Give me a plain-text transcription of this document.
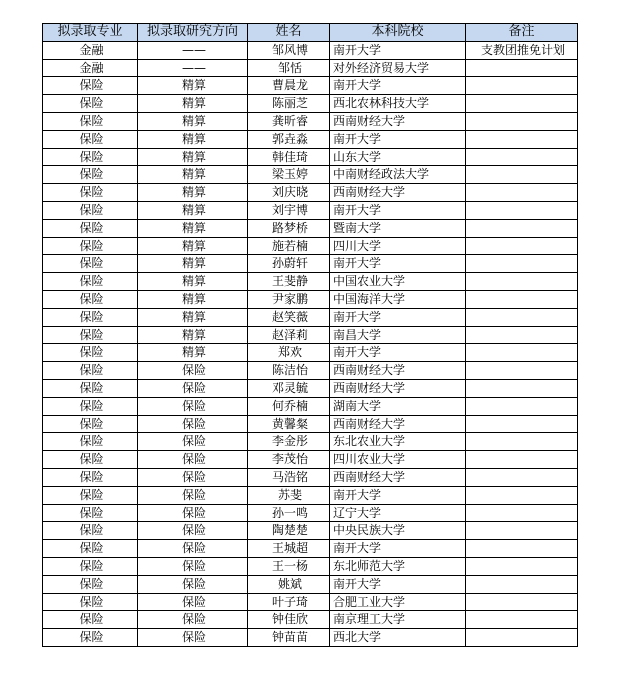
拟录取专业	拟录取研究方向	姓名	本科院校	备注
金融	——	邹风博	南开大学	支教团推免计划
金融	——	邹恬	对外经济贸易大学	
保险	精算	曹晨龙	南开大学	
保险	精算	陈丽芝	西北农林科技大学	
保险	精算	龚昕睿	西南财经大学	
保险	精算	郭垚淼	南开大学	
保险	精算	韩佳琦	山东大学	
保险	精算	梁玉婷	中南财经政法大学	
保险	精算	刘庆晓	西南财经大学	
保险	精算	刘宇博	南开大学	
保险	精算	路梦桥	暨南大学	
保险	精算	施若楠	四川大学	
保险	精算	孙蔚轩	南开大学	
保险	精算	王斐静	中国农业大学	
保险	精算	尹家鹏	中国海洋大学	
保险	精算	赵笑薇	南开大学	
保险	精算	赵泽莉	南昌大学	
保险	精算	郑欢	南开大学	
保险	保险	陈洁怡	西南财经大学	
保险	保险	邓灵毓	西南财经大学	
保险	保险	何乔楠	湖南大学	
保险	保险	黄馨粲	西南财经大学	
保险	保险	李金彤	东北农业大学	
保险	保险	李茂怡	四川农业大学	
保险	保险	马浩铭	西南财经大学	
保险	保险	苏斐	南开大学	
保险	保险	孙一鸣	辽宁大学	
保险	保险	陶楚楚	中央民族大学	
保险	保险	王城超	南开大学	
保险	保险	王一杨	东北师范大学	
保险	保险	姚斌	南开大学	
保险	保险	叶子琦	合肥工业大学	
保险	保险	钟佳欣	南京理工大学	
保险	保险	钟苗苗	西北大学	
